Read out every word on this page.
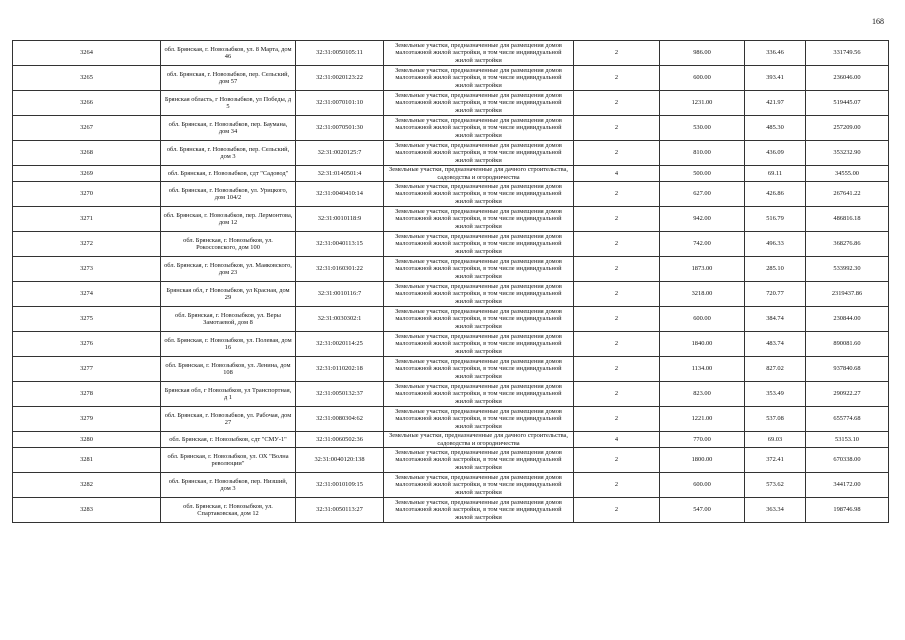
168
3264	обл. Брянская, г. Новозыбков, ул. 8 Марта, дом 46	32:31:0050105:11	Земельные участки, предназначенные для размещения домов малоэтажной жилой застройки, в том числе индивидуальной жилой застройки	2	986.00	336.46	331749.56
3265	обл. Брянская, г. Новозыбков, пер. Сельский, дом 57	32:31:0020123:22	Земельные участки, предназначенные для размещения домов малоэтажной жилой застройки, в том числе индивидуальной жилой застройки	2	600.00	393.41	236046.00
3266	Брянская область, г Новозыбков, ул Победы, д 5	32:31:0070101:10	Земельные участки, предназначенные для размещения домов малоэтажной жилой застройки, в том числе индивидуальной жилой застройки	2	1231.00	421.97	519445.07
3267	обл. Брянская, г. Новозыбков, пер. Баумана, дом 34	32:31:0070501:30	Земельные участки, предназначенные для размещения домов малоэтажной жилой застройки, в том числе индивидуальной жилой застройки	2	530.00	485.30	257209.00
3268	обл. Брянская, г. Новозыбков, пер. Сельский, дом 3	32:31:0020125:7	Земельные участки, предназначенные для размещения домов малоэтажной жилой застройки, в том числе индивидуальной жилой застройки	2	810.00	436.09	353232.90
3269	обл. Брянская, г. Новозыбков, сдт "Садовод"	32:31:0140501:4	Земельные участки, предназначенные для дачного строительства, садоводства и огородничества	4	500.00	69.11	34555.00
3270	обл. Брянская, г. Новозыбков, ул. Урицкого, дом 104/2	32:31:0040410:14	Земельные участки, предназначенные для размещения домов малоэтажной жилой застройки, в том числе индивидуальной жилой застройки	2	627.00	426.86	267641.22
3271	обл. Брянская, г. Новозыбков, пер. Лермонтова, дом 12	32:31:0010118:9	Земельные участки, предназначенные для размещения домов малоэтажной жилой застройки, в том числе индивидуальной жилой застройки	2	942.00	516.79	486816.18
3272	обл. Брянская, г. Новозыбков, ул. Рокоссовского, дом 100	32:31:0040113:15	Земельные участки, предназначенные для размещения домов малоэтажной жилой застройки, в том числе индивидуальной жилой застройки	2	742.00	496.33	368276.86
3273	обл. Брянская, г. Новозыбков, ул. Маяковского, дом 23	32:31:0160301:22	Земельные участки, предназначенные для размещения домов малоэтажной жилой застройки, в том числе индивидуальной жилой застройки	2	1873.00	285.10	533992.30
3274	Брянская обл, г Новозыбков, ул Красная, дом 29	32:31:0010116:7	Земельные участки, предназначенные для размещения домов малоэтажной жилой застройки, в том числе индивидуальной жилой застройки	2	3218.00	720.77	2319437.86
3275	обл. Брянская, г. Новозыбков, ул. Веры Замотаевой, дом 8	32:31:0030302:1	Земельные участки, предназначенные для размещения домов малоэтажной жилой застройки, в том числе индивидуальной жилой застройки	2	600.00	384.74	230844.00
3276	обл. Брянская, г. Новозыбков, ул. Полевая, дом 16	32:31:0020114:25	Земельные участки, предназначенные для размещения домов малоэтажной жилой застройки, в том числе индивидуальной жилой застройки	2	1840.00	483.74	890081.60
3277	обл. Брянская, г. Новозыбков, ул. Ленина, дом 108	32:31:0110202:18	Земельные участки, предназначенные для размещения домов малоэтажной жилой застройки, в том числе индивидуальной жилой застройки	2	1134.00	827.02	937840.68
3278	Брянская обл, г Новозыбков, ул Транспортная, д 1	32:31:0050132:37	Земельные участки, предназначенные для размещения домов малоэтажной жилой застройки, в том числе индивидуальной жилой застройки	2	823.00	353.49	290922.27
3279	обл. Брянская, г. Новозыбков, ул. Рабочая, дом 27	32:31:0080304:62	Земельные участки, предназначенные для размещения домов малоэтажной жилой застройки, в том числе индивидуальной жилой застройки	2	1221.00	537.08	655774.68
3280	обл. Брянская, г. Новозыбков, сдт "СМУ-1"	32:31:0060502:36	Земельные участки, предназначенные для дачного строительства, садоводства и огородничества	4	770.00	69.03	53153.10
3281	обл. Брянская, г. Новозыбков, ул. ОХ "Волна революции"	32:31:0040120:138	Земельные участки, предназначенные для размещения домов малоэтажной жилой застройки, в том числе индивидуальной жилой застройки	2	1800.00	372.41	670338.00
3282	обл. Брянская, г. Новозыбков, пер. Низший, дом 3	32:31:0010109:15	Земельные участки, предназначенные для размещения домов малоэтажной жилой застройки, в том числе индивидуальной жилой застройки	2	600.00	573.62	344172.00
3283	обл. Брянская, г. Новозыбков, ул. Спартаковская, дом 12	32:31:0050113:27	Земельные участки, предназначенные для размещения домов малоэтажной жилой застройки, в том числе индивидуальной жилой застройки	2	547.00	363.34	198746.98
